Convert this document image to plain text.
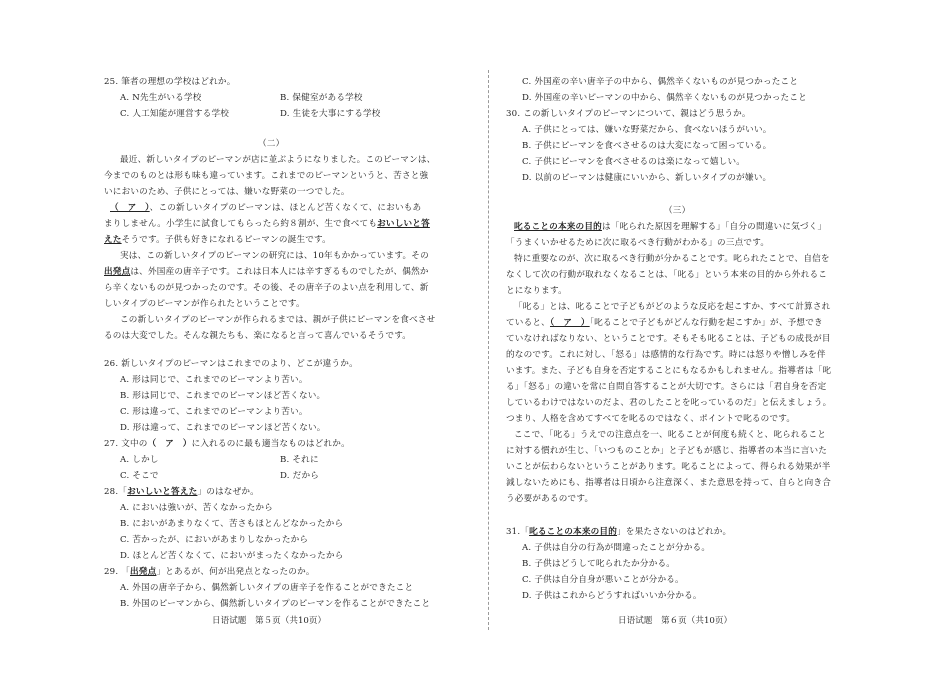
25. 筆者の理想の学校はどれか。
A. N先生がいる学校	B. 保健室がある学校
C. 人工知能が運営する学校	D. 生徒を大事にする学校
（二）
最近、新しいタイプのピーマンが店に並ぶようになりました。このピーマンは、
今までのものとは形も味も違っています。これまでのピーマンというと、苦さと強
いにおいのため、子供にとっては、嫌いな野菜の一つでした。
（　ア　）、この新しいタイプのピーマンは、ほとんど苦くなくて、においもあ
まりしません。小学生に試食してもらったら約８割が、生で食べてもおいしいと答
えたそうです。子供も好きになれるピーマンの誕生です。
実は、この新しいタイプのピーマンの研究には、10年もかかっています。その
出発点は、外国産の唐辛子です。これは日本人には辛すぎるものでしたが、偶然か
ら辛くないものが見つかったのです。その後、その唐辛子のよい点を利用して、新
しいタイプのピーマンが作られたということです。
この新しいタイプのピーマンが作られるまでは、親が子供にピーマンを食べさせ
るのは大変でした。そんな親たちも、楽になると言って喜んでいるそうです。
26. 新しいタイプのピーマンはこれまでのより、どこが違うか。
A. 形は同じで、これまでのピーマンより苦い。
B. 形は同じで、これまでのピーマンほど苦くない。
C. 形は違って、これまでのピーマンより苦い。
D. 形は違って、これまでのピーマンほど苦くない。
27. 文中の（　ア　）に入れるのに最も適当なものはどれか。
A. しかし	B. それに
C. そこで	D. だから
28.「おいしいと答えた」のはなぜか。
A. においは強いが、苦くなかったから
B. においがあまりなくて、苦さもほとんどなかったから
C. 苦かったが、においがあまりしなかったから
D. ほとんど苦くなくて、においがまったくなかったから
29. 「出発点」とあるが、何が出発点となったのか。
A. 外国の唐辛子から、偶然新しいタイプの唐辛子を作ることができたこと
B. 外国のピーマンから、偶然新しいタイプのピーマンを作ることができたこと
日语试题　第５页（共10页）
C. 外国産の辛い唐辛子の中から、偶然辛くないものが見つかったこと
D. 外国産の辛いピーマンの中から、偶然辛くないものが見つかったこと
30. この新しいタイプのピーマンについて、親はどう思うか。
A. 子供にとっては、嫌いな野菜だから、食べないほうがいい。
B. 子供にピーマンを食べさせるのは大変になって困っている。
C. 子供にピーマンを食べさせるのは楽になって嬉しい。
D. 以前のピーマンは健康にいいから、新しいタイプのが嫌い。
（三）
叱ることの本来の目的は「叱られた原因を理解する」「自分の間違いに気づく」
「うまくいかせるために次に取るべき行動がわかる」の三点です。
特に重要なのが、次に取るべき行動が分かることです。叱られたことで、自信を
なくして次の行動が取れなくなることは、「叱る」という本来の目的から外れるこ
とになります。
「叱る」とは、叱ることで子どもがどのような反応を起こすか、すべて計算され
ていると、（　ア　）「叱ることで子どもがどんな行動を起こすか」が、予想でき
ていなければなりない、ということです。そもそも叱ることは、子どもの成長が目
的なのです。これに対し、「怒る」は感情的な行為です。時には怒りや憎しみを伴
います。また、子ども自身を否定することにもなるかもしれません。指導者は「叱
る」「怒る」の違いを常に自問自答することが大切です。さらには「君自身を否定
しているわけではないのだよ、君のしたことを叱っているのだ」と伝えましょう。
つまり、人格を含めてすべてを叱るのではなく、ポイントで叱るのです。
ここで、「叱る」うえでの注意点を一、叱ることが何度も続くと、叱られること
に対する慣れが生じ、「いつものことか」と子どもが感じ、指導者の本当に言いた
いことが伝わらないということがあります。叱ることによって、得られる効果が半
減しないためにも、指導者は日頃から注意深く、また意思を持って、自らと向き合
う必要があるのです。
31.「叱ることの本来の目的」を果たさないのはどれか。
A. 子供は自分の行為が間違ったことが分かる。
B. 子供はどうして叱られたか分かる。
C. 子供は自分自身が悪いことが分かる。
D. 子供はこれからどうすればいいか分かる。
日语试题　第６页（共10页）
